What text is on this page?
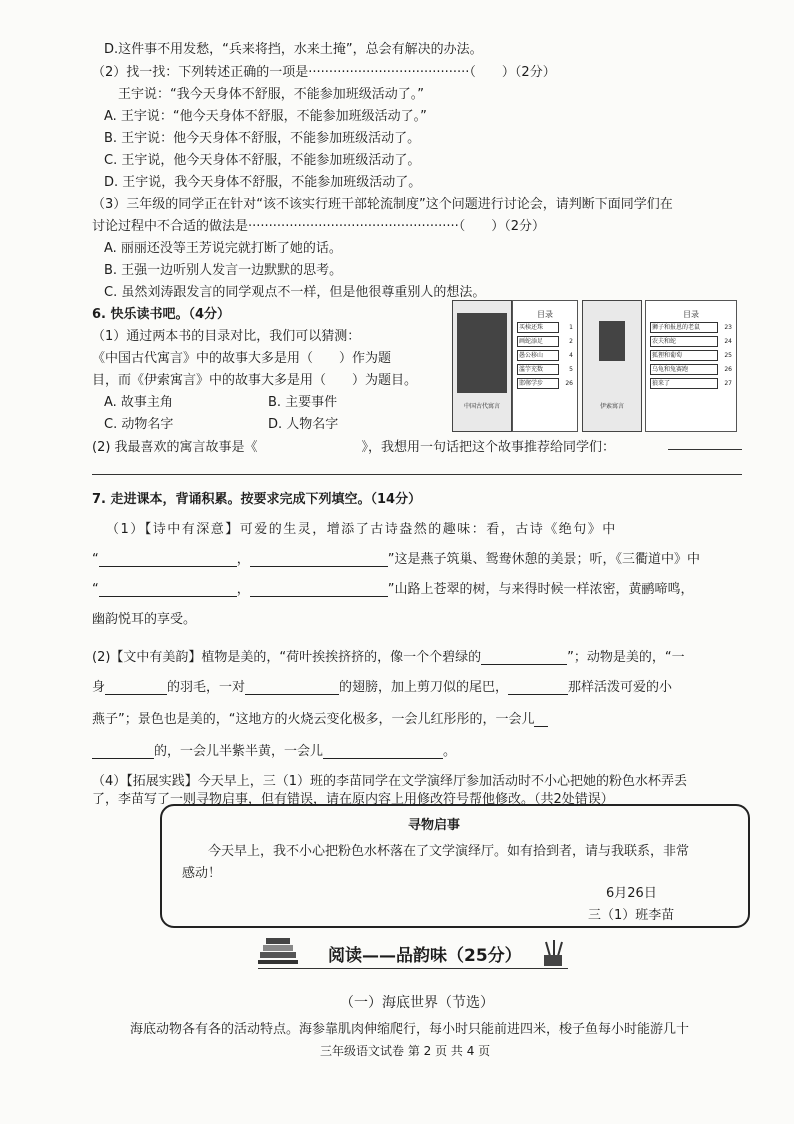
D.这件事不用发愁，“兵来将挡，水来土掩”，总会有解决的办法。
（2）找一找：下列转述正确的一项是·······································（　　）（2分）
王宇说：“我今天身体不舒服，不能参加班级活动了。”
A. 王宇说：“他今天身体不舒服，不能参加班级活动了。”
B. 王宇说：他今天身体不舒服，不能参加班级活动了。
C. 王宇说，他今天身体不舒服，不能参加班级活动了。
D. 王宇说，我今天身体不舒服，不能参加班级活动了。
（3）三年级的同学正在针对“该不该实行班干部轮流制度”这个问题进行讨论会，请判断下面同学们在
讨论过程中不合适的做法是···················································（　　）（2分）
A. 丽丽还没等王芳说完就打断了她的话。
B. 王强一边听别人发言一边默默的思考。
C. 虽然刘涛跟发言的同学观点不一样，但是他很尊重别人的想法。
6. 快乐读书吧。（4分）
（1）通过两本书的目录对比，我们可以猜测：
《中国古代寓言》中的故事大多是用（　　）作为题
目，而《伊索寓言》中的故事大多是用（　　）为题目。
A. 故事主角	B. 主要事件
C. 动物名字	D. 人物名字
中国古代寓言
目录
买椟还珠	1
画蛇添足	2
愚公移山	4
滥竽充数	5
邯郸学步	26
伊索寓言
目录
狮子和报恩的老鼠	23
农夫和蛇	24
狐狸和葡萄	25
乌龟和兔赛跑	26
狼来了	27
(2) 我最喜欢的寓言故事是《　　　　　　　　》，我想用一句话把这个故事推荐给同学们：
7. 走进课本，背诵积累。按要求完成下列填空。（14分）
（1）【诗中有深意】可爱的生灵，增添了古诗盎然的趣味：看，古诗《绝句》中
“	，	”这是燕子筑巢、鸳鸯休憩的美景；听，《三衢道中》中
“	，	”山路上苍翠的树，与来得时候一样浓密，黄鹂啼鸣，
幽韵悦耳的享受。
(2)【文中有美韵】植物是美的，“荷叶挨挨挤挤的，像一个个碧绿的	”；动物是美的，“一
身	的羽毛，一对	的翅膀，加上剪刀似的尾巴，	那样活泼可爱的小
燕子”；景色也是美的，“这地方的火烧云变化极多，一会儿红彤彤的，一会儿
的，一会儿半紫半黄，一会儿	。
（4）【拓展实践】今天早上，三（1）班的李苗同学在文学演绎厅参加活动时不小心把她的粉色水杯弄丢
了，李苗写了一则寻物启事，但有错误，请在原内容上用修改符号帮他修改。（共2处错误）
寻物启事
今天早上，我不小心把粉色水杯落在了文学演绎厅。如有拾到者，请与我联系，非常
感动！
6月26日
三（1）班李苗
阅读——品韵味（25分）
（一）海底世界（节选）
海底动物各有各的活动特点。海参靠肌肉伸缩爬行，每小时只能前进四米，梭子鱼每小时能游几十
三年级语文试卷 第 2 页 共 4 页
